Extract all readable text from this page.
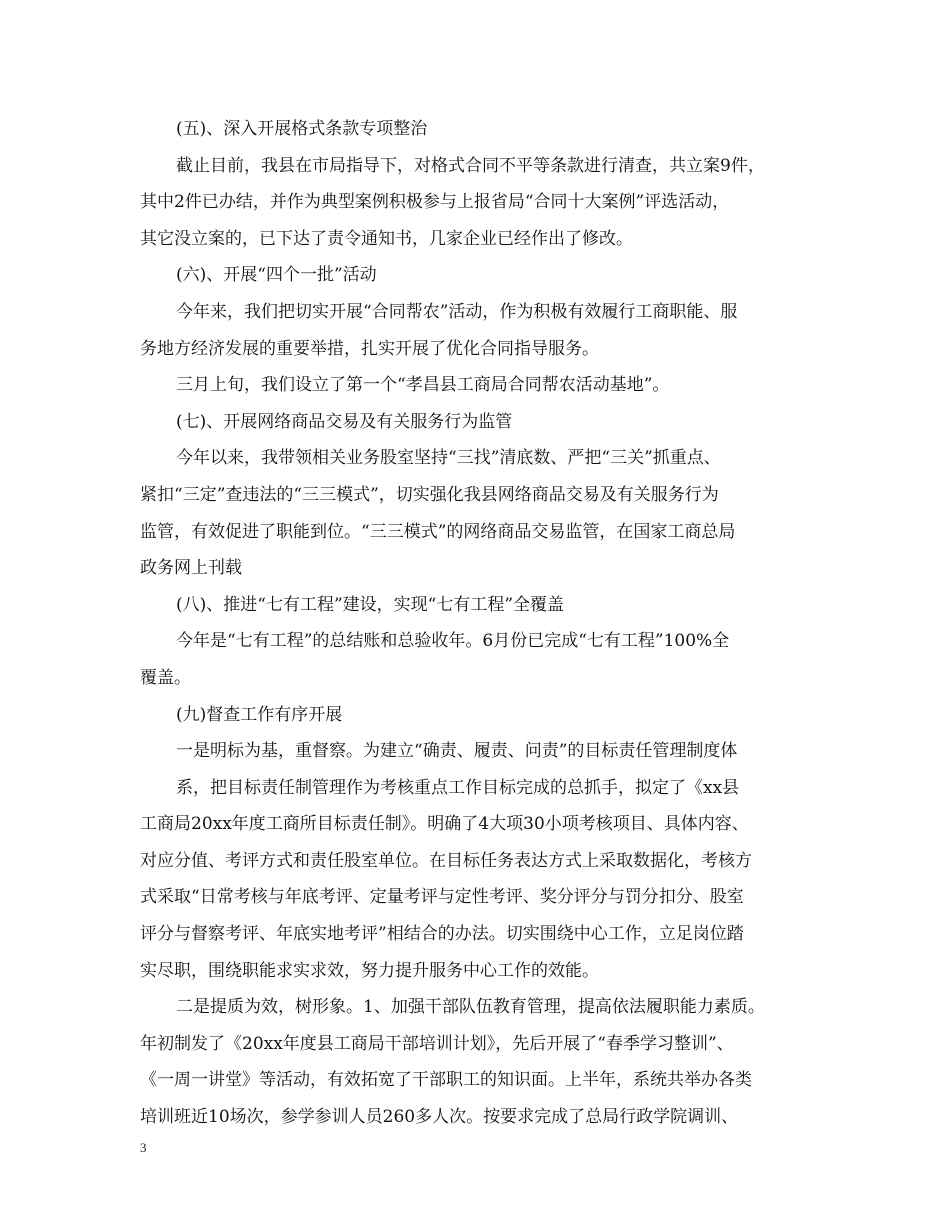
(五)、深入开展格式条款专项整治
截止目前，我县在市局指导下，对格式合同不平等条款进行清查，共立案9件，
其中2件已办结，并作为典型案例积极参与上报省局“合同十大案例”评选活动，
其它没立案的，已下达了责令通知书，几家企业已经作出了修改。
(六)、开展“四个一批”活动
今年来，我们把切实开展“合同帮农”活动，作为积极有效履行工商职能、服
务地方经济发展的重要举措，扎实开展了优化合同指导服务。
三月上旬，我们设立了第一个“孝昌县工商局合同帮农活动基地”。
(七)、开展网络商品交易及有关服务行为监管
今年以来，我带领相关业务股室坚持“三找”清底数、严把“三关”抓重点、
紧扣“三定”查违法的“三三模式”，切实强化我县网络商品交易及有关服务行为
监管，有效促进了职能到位。“三三模式”的网络商品交易监管，在国家工商总局
政务网上刊载
(八)、推进“七有工程”建设，实现“七有工程”全覆盖
今年是“七有工程”的总结账和总验收年。6月份已完成“七有工程”100%全
覆盖。
(九)督查工作有序开展
一是明标为基，重督察。为建立“确责、履责、问责”的目标责任管理制度体
系，把目标责任制管理作为考核重点工作目标完成的总抓手，拟定了《xx县
工商局20xx年度工商所目标责任制》。明确了4大项30小项考核项目、具体内容、
对应分值、考评方式和责任股室单位。在目标任务表达方式上采取数据化，考核方
式采取“日常考核与年底考评、定量考评与定性考评、奖分评分与罚分扣分、股室
评分与督察考评、年底实地考评”相结合的办法。切实围绕中心工作，立足岗位踏
实尽职，围绕职能求实求效，努力提升服务中心工作的效能。
二是提质为效，树形象。1、加强干部队伍教育管理，提高依法履职能力素质。
年初制发了《20xx年度县工商局干部培训计划》，先后开展了“春季学习整训”、
《一周一讲堂》等活动，有效拓宽了干部职工的知识面。上半年，系统共举办各类
培训班近10场次，参学参训人员260多人次。按要求完成了总局行政学院调训、
3
